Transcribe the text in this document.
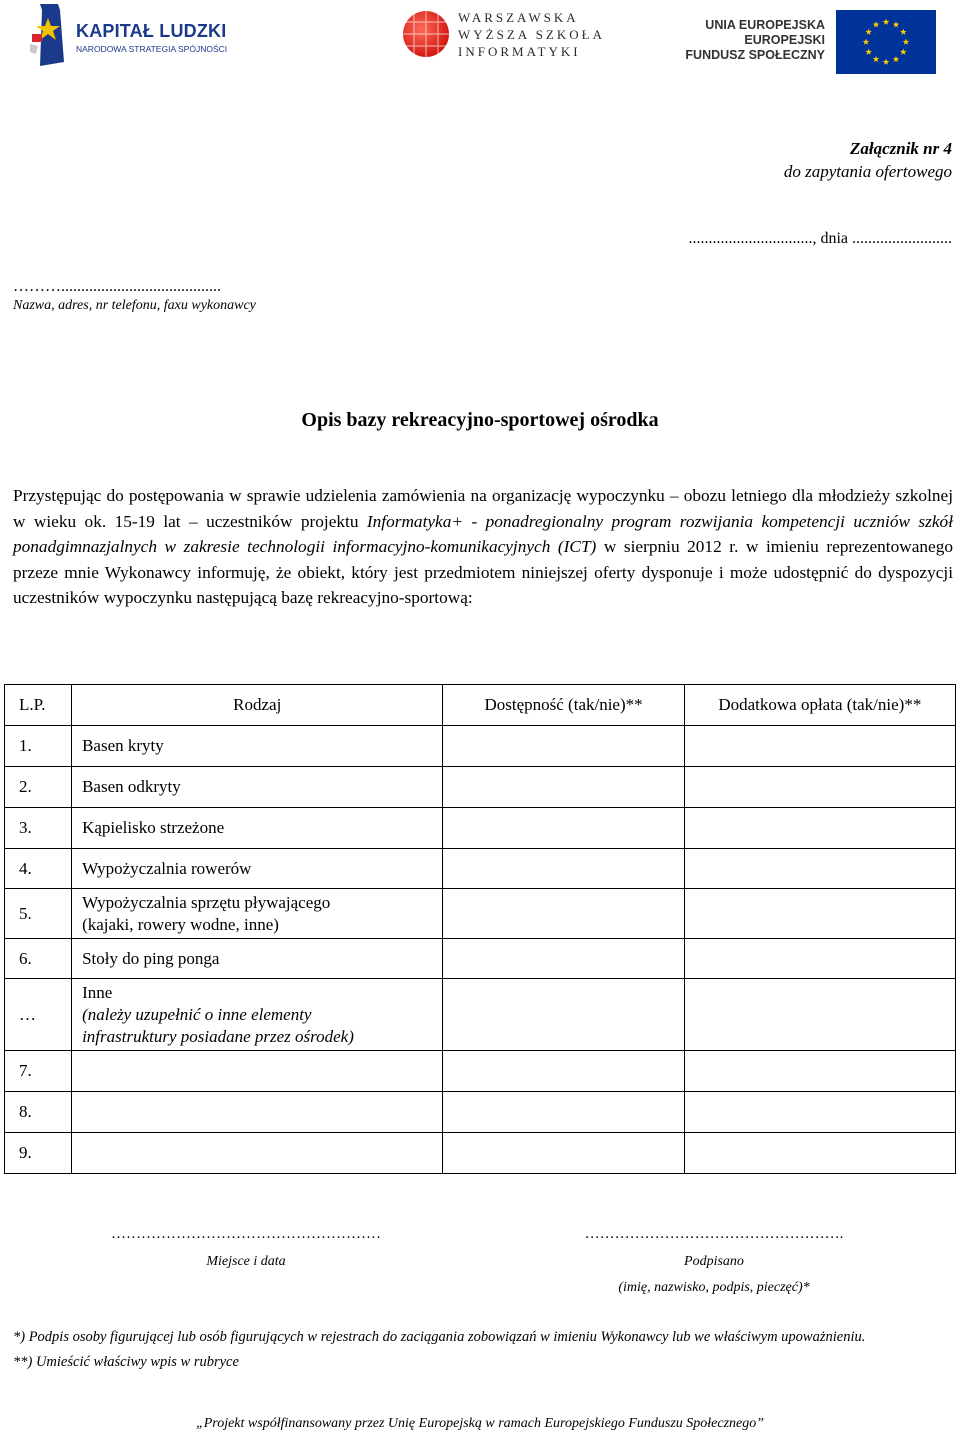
KAPITAŁ LUDZKI
NARODOWA STRATEGIA SPÓJNOŚCI
WARSZAWSKA
WYŻSZA SZKOŁA
INFORMATYKI
UNIA EUROPEJSKA
EUROPEJSKI
FUNDUSZ SPOŁECZNY
Załącznik nr 4
do zapytania ofertowego
..............................., dnia .........................
………........................................
Nazwa, adres, nr telefonu, faxu wykonawcy
Opis bazy rekreacyjno-sportowej ośrodka
Przystępując do postępowania w sprawie udzielenia zamówienia na organizację wypoczynku – obozu letniego dla młodzieży szkolnej w wieku ok. 15-19 lat – uczestników projektu Informatyka+ - ponadregionalny program rozwijania kompetencji uczniów szkół ponadgimnazjalnych w zakresie technologii informacyjno-komunikacyjnych (ICT) w sierpniu 2012 r. w imieniu reprezentowanego przeze mnie Wykonawcy informuję, że obiekt, który jest przedmiotem niniejszej oferty dysponuje i może udostępnić do dyspozycji uczestników wypoczynku następującą bazę rekreacyjno-sportową:
L.P.	Rodzaj	Dostępność (tak/nie)**	Dodatkowa opłata (tak/nie)**
1.	Basen kryty		
2.	Basen odkryty		
3.	Kąpielisko strzeżone		
4.	Wypożyczalnia rowerów		
5.	Wypożyczalnia sprzętu pływającego
(kajaki, rowery wodne, inne)		

6.	Stoły do ping ponga		
…	Inne
(należy uzupełnić o inne elementy
infrastruktury posiadane przez ośrodek)		

7.			
8.			
9.			
………………………………………………
Miejsce i data
…………………………………………….
Podpisano
(imię, nazwisko, podpis, pieczęć)*
*) Podpis osoby figurującej lub osób figurujących w rejestrach do zaciągania zobowiązań w imieniu Wykonawcy lub we właściwym upoważnieniu.
**) Umieścić właściwy wpis w rubryce
„Projekt współfinansowany przez Unię Europejską w ramach Europejskiego Funduszu Społecznego”
